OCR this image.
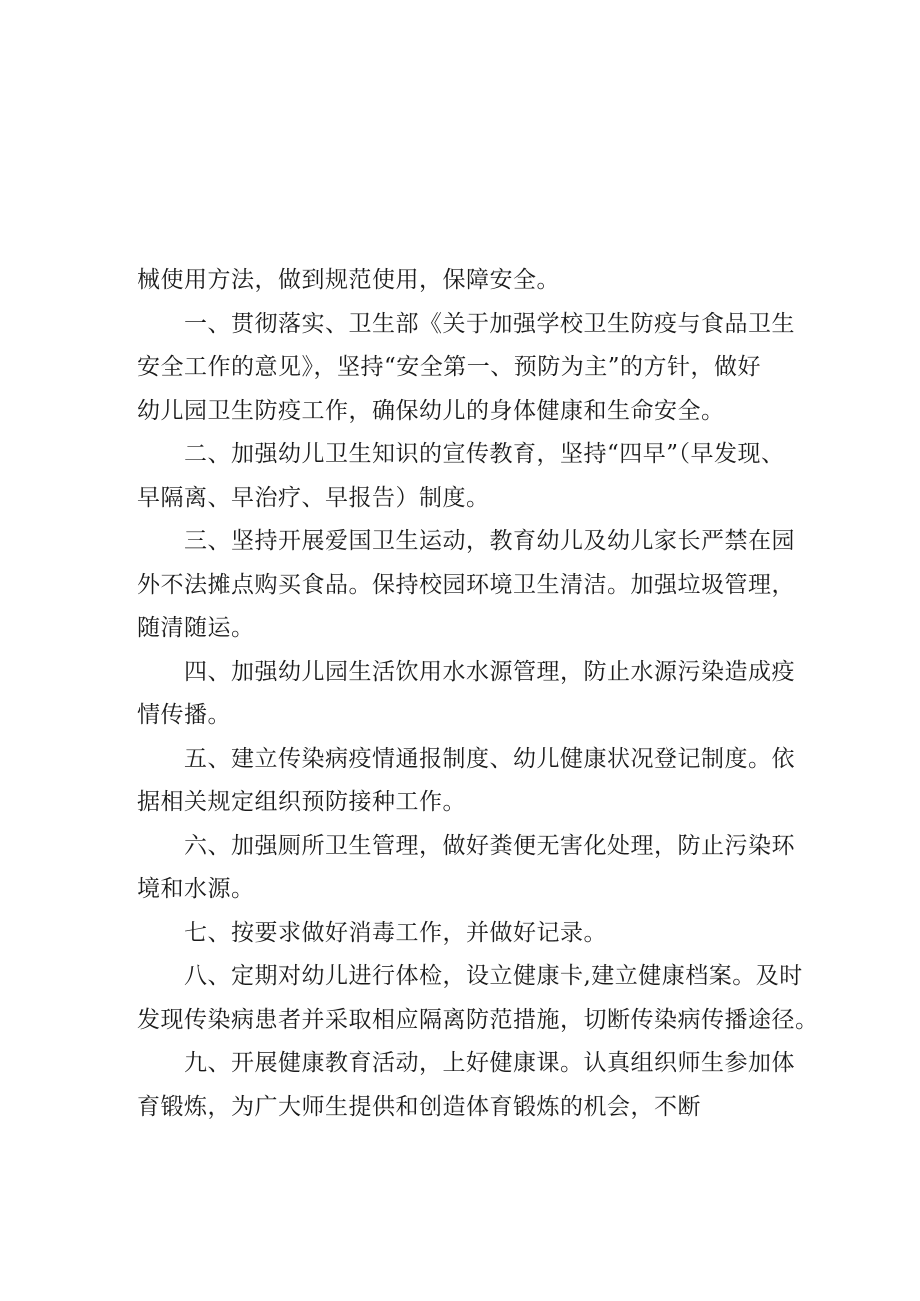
械使用方法，做到规范使用，保障安全。
一、贯彻落实、卫生部《关于加强学校卫生防疫与食品卫生
安全工作的意见》，坚持“安全第一、预防为主”的方针，做好
幼儿园卫生防疫工作，确保幼儿的身体健康和生命安全。
二、加强幼儿卫生知识的宣传教育，坚持“四早”（早发现、
早隔离、早治疗、早报告）制度。
三、坚持开展爱国卫生运动，教育幼儿及幼儿家长严禁在园
外不法摊点购买食品。保持校园环境卫生清洁。加强垃圾管理，
随清随运。
四、加强幼儿园生活饮用水水源管理，防止水源污染造成疫
情传播。
五、建立传染病疫情通报制度、幼儿健康状况登记制度。依
据相关规定组织预防接种工作。
六、加强厕所卫生管理，做好粪便无害化处理，防止污染环
境和水源。
七、按要求做好消毒工作，并做好记录。
八、定期对幼儿进行体检，设立健康卡,建立健康档案。及时
发现传染病患者并采取相应隔离防范措施，切断传染病传播途径。
九、开展健康教育活动，上好健康课。认真组织师生参加体
育锻炼，为广大师生提供和创造体育锻炼的机会，不断
